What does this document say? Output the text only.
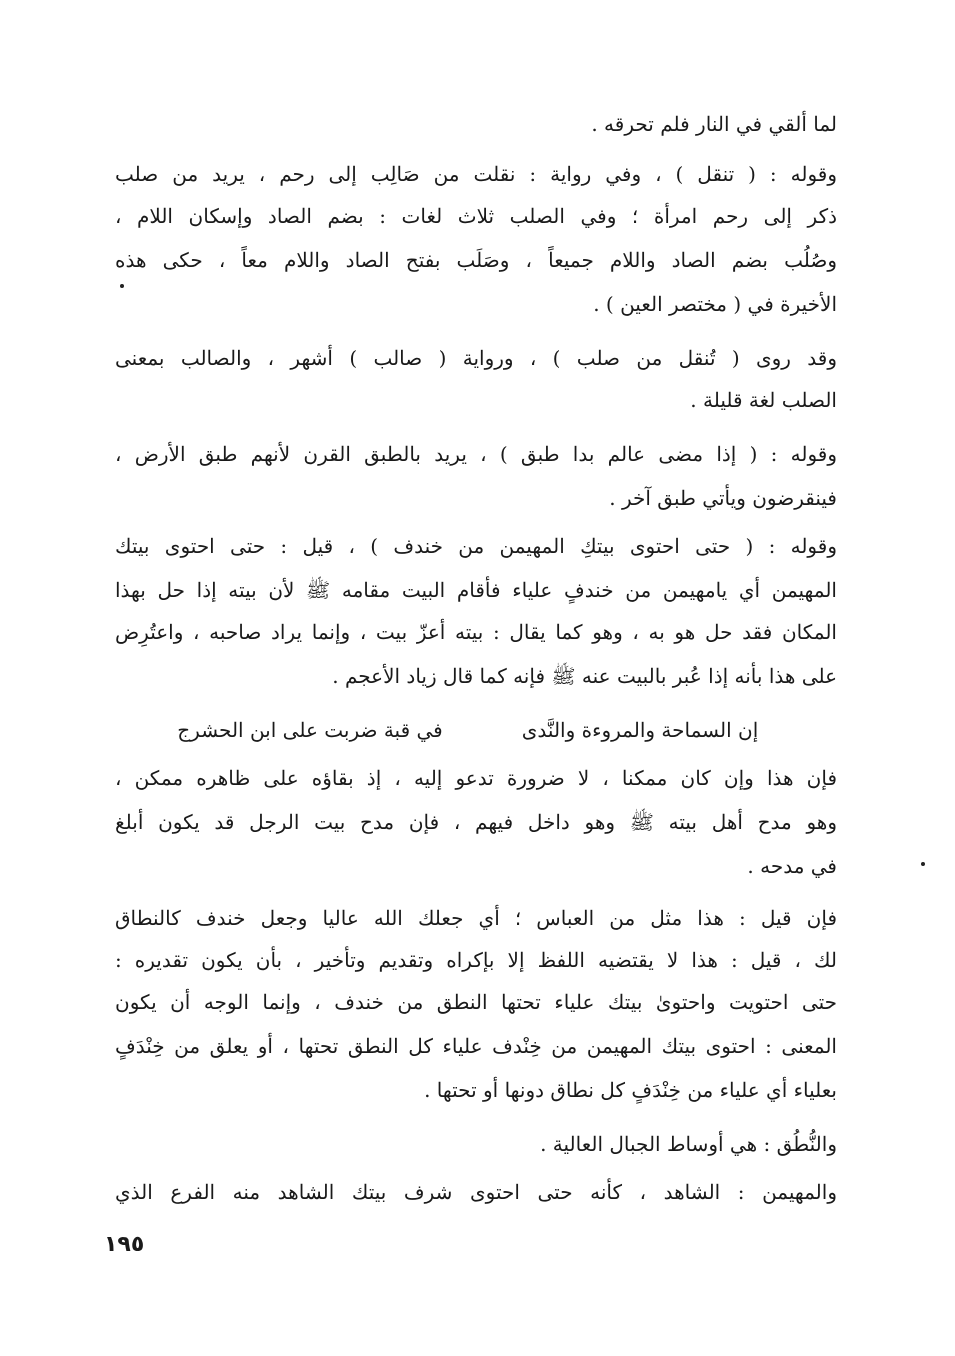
لما ألقي في النار فلم تحرقه .
وقوله : ( تنقل ) ، وفي رواية : نقلت من صَالِب إلى رحم ، يريد من صلب
ذكر إلى رحم امرأة ؛ وفي الصلب ثلاث لغات : بضم الصاد وإسكان اللام ،
وصُلُب بضم الصاد واللام جميعاً ، وصَلَب بفتح الصاد واللام معاً ، حكى هذه
الأخيرة في ( مختصر العين ) .
وقد روى ( تُنقل من صلب ) ، ورواية ( صالب ) أشهر ، والصالب بمعنى
الصلب لغة قليلة .
وقوله : ( إذا مضى عالم بدا طبق ) ، يريد بالطبق القرن لأنهم طبق الأرض ،
فينقرضون ويأتي طبق آخر .
وقوله : ( حتى احتوى بيتكِ المهيمن من خندف ) ، قيل : حتى احتوى بيتك
المهيمن أي يامهيمن من خندفٍ علياء فأقام البيت مقامه ﷺ لأن بيته إذا حل بهذا
المكان فقد حل هو به ، وهو كما يقال : بيته أعزّ بيت ، وإنما يراد صاحبه ، واعتُرِض
على هذا بأنه إذا عُبر بالبيت عنه ﷺ فإنه كما قال زياد الأعجم .
إن السماحة والمروءة والنَّدى
في قبة ضربت على ابن الحشرج
فإن هذا وإن كان ممكنا ، لا ضرورة تدعو إليه ، إذ بقاؤه على ظاهره ممكن ،
وهو مدح أهل بيته ﷺ وهو داخل فيهم ، فإن مدح بيت الرجل قد يكون أبلغ
في مدحه .
فإن قيل : هذا مثل من العباس ؛ أي جعلك الله عاليا وجعل خندف كالنطاق
لك ، قيل : هذا لا يقتضيه اللفظ إلا بإكراه وتقديم وتأخير ، بأن يكون تقديره :
حتى احتويت واحتوىٰ بيتك علياء تحتها النطق من خندف ، وإنما الوجه أن يكون
المعنى : احتوى بيتك المهيمن من خِنْدف علياء كل النطق تحتها ، أو يعلق من خِنْدَفٍ
بعلياء أي علياء من خِنْدَفٍ كل نطاق دونها أو تحتها .
والنُّطُق : هي أوساط الجبال العالية .
والمهيمن : الشاهد ، كأنه حتى احتوى شرف بيتك الشاهد منه الفرع الذي
١٩٥
